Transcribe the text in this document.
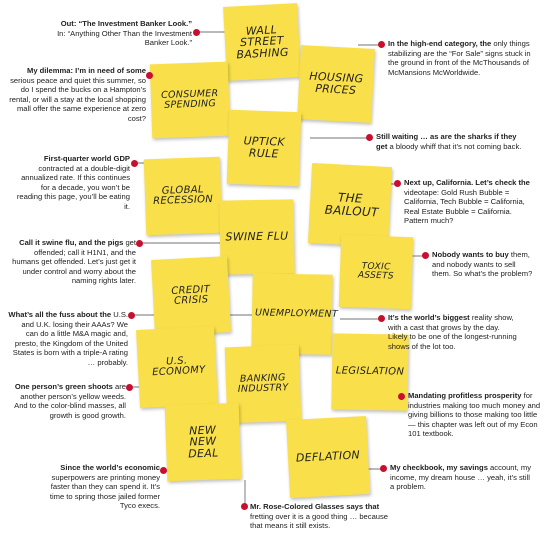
WALL STREET BASHING
HOUSING PRICES
CONSUMER SPENDING
UPTICK RULE
GLOBAL RECESSION	THE BAILOUT
SWINE FLU
TOXIC ASSETS
CREDIT CRISIS
UNEMPLOYMENT
U.S. ECONOMY
BANKING INDUSTRY
LEGISLATION
NEW NEW DEAL	DEFLATION
Out: “The Investment Banker Look.”
In: “Anything Other Than the Investment Banker Look.”
My dilemma: I’m in need of some serious peace and quiet this summer, so do I spend the bucks on a Hampton’s rental, or will a stay at the local shopping mall offer the same experience at zero cost?
First-quarter world GDP contracted at a double-digit annualized rate. If this continues for a decade, you won’t be reading this page, you’ll be eating it.
Call it swine flu, and the pigs get offended; call it H1N1, and the humans get offended. Let’s just get it under control and worry about the naming rights later.
What’s all the fuss about the U.S. and U.K. losing their AAAs? We can do a little M&A magic and, presto, the Kingdom of the United States is born with a triple-A rating … probably.
One person’s green shoots are another person’s yellow weeds. And to the color-blind masses, all growth is good growth.
Since the world’s economic superpowers are printing money faster than they can spend it. It’s time to spring those jailed former Tyco execs.	Mr. Rose-Colored Glasses says that fretting over it is a good thing … because that means it still exists.
In the high-end category, the only things stabilizing are the “For Sale” signs stuck in the ground in front of the McThousands of McMansions McWorldwide.
Still waiting … as are the sharks if they get a bloody whiff that it’s not coming back.
Next up, California. Let’s check the videotape: Gold Rush Bubble = California, Tech Bubble = California, Real Estate Bubble = California. Pattern much?
Nobody wants to buy them, and nobody wants to sell them. So what’s the problem?
It’s the world’s biggest reality show, with a cast that grows by the day. Likely to be one of the longest-running shows of the lot too.
Mandating profitless prosperity for industries making too much money and giving billions to those making too little — this chapter was left out of my Econ 101 textbook.
My checkbook, my savings account, my income, my dream house … yeah, it’s still a problem.
